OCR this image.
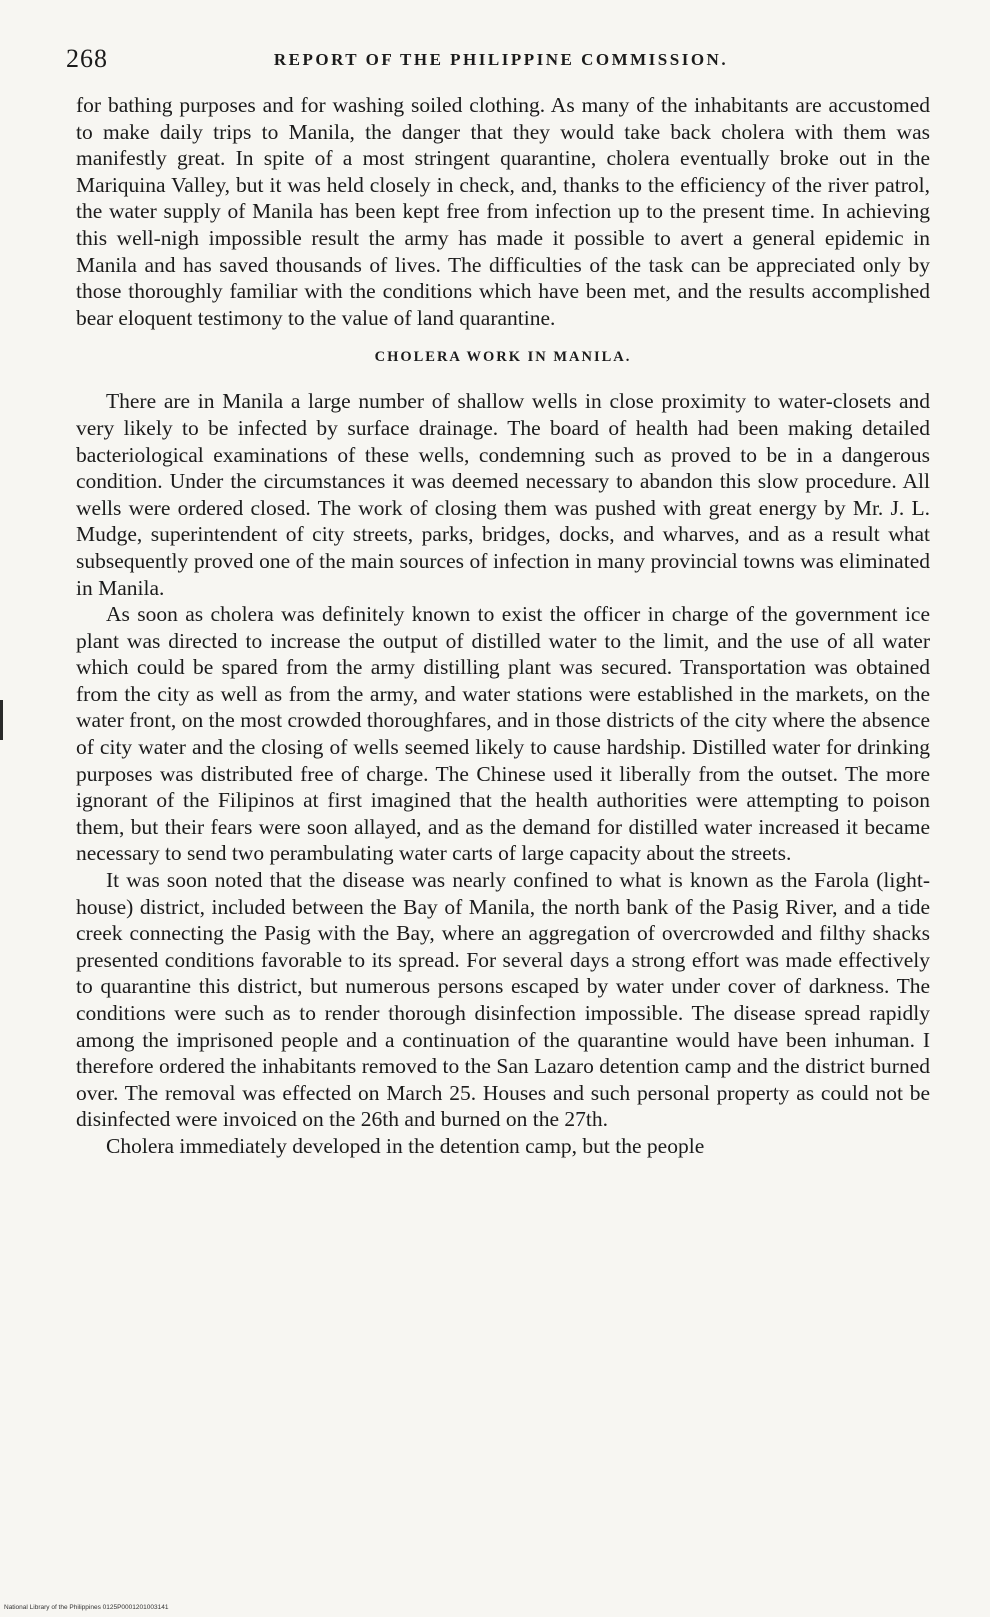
268	REPORT OF THE PHILIPPINE COMMISSION.

for bathing purposes and for washing soiled clothing. As many of the inhabitants are accustomed to make daily trips to Manila, the danger that they would take back cholera with them was manifestly great. In spite of a most stringent quarantine, cholera eventually broke out in the Mariquina Valley, but it was held closely in check, and, thanks to the efficiency of the river patrol, the water supply of Manila has been kept free from infection up to the present time. In achieving this well-nigh impossible result the army has made it possible to avert a general epidemic in Manila and has saved thousands of lives. The difficulties of the task can be appreciated only by those thoroughly familiar with the conditions which have been met, and the results accomplished bear eloquent testimony to the value of land quarantine.

CHOLERA WORK IN MANILA.

There are in Manila a large number of shallow wells in close proximity to water-closets and very likely to be infected by surface drainage. The board of health had been making detailed bacteriological examinations of these wells, condemning such as proved to be in a dangerous condition. Under the circumstances it was deemed necessary to abandon this slow procedure. All wells were ordered closed. The work of closing them was pushed with great energy by Mr. J. L. Mudge, superintendent of city streets, parks, bridges, docks, and wharves, and as a result what subsequently proved one of the main sources of infection in many provincial towns was eliminated in Manila.

As soon as cholera was definitely known to exist the officer in charge of the government ice plant was directed to increase the output of distilled water to the limit, and the use of all water which could be spared from the army distilling plant was secured. Transportation was obtained from the city as well as from the army, and water stations were established in the markets, on the water front, on the most crowded thoroughfares, and in those districts of the city where the absence of city water and the closing of wells seemed likely to cause hardship. Distilled water for drinking purposes was distributed free of charge. The Chinese used it liberally from the outset. The more ignorant of the Filipinos at first imagined that the health authorities were attempting to poison them, but their fears were soon allayed, and as the demand for distilled water increased it became necessary to send two perambulating water carts of large capacity about the streets.

It was soon noted that the disease was nearly confined to what is known as the Farola (light-house) district, included between the Bay of Manila, the north bank of the Pasig River, and a tide creek connecting the Pasig with the Bay, where an aggregation of overcrowded and filthy shacks presented conditions favorable to its spread. For several days a strong effort was made effectively to quarantine this district, but numerous persons escaped by water under cover of darkness. The conditions were such as to render thorough disinfection impossible. The disease spread rapidly among the imprisoned people and a continuation of the quarantine would have been inhuman. I therefore ordered the inhabitants removed to the San Lazaro detention camp and the district burned over. The removal was effected on March 25. Houses and such personal property as could not be disinfected were invoiced on the 26th and burned on the 27th.

Cholera immediately developed in the detention camp, but the people

National Library of the Philippines 0125P0001201003141
